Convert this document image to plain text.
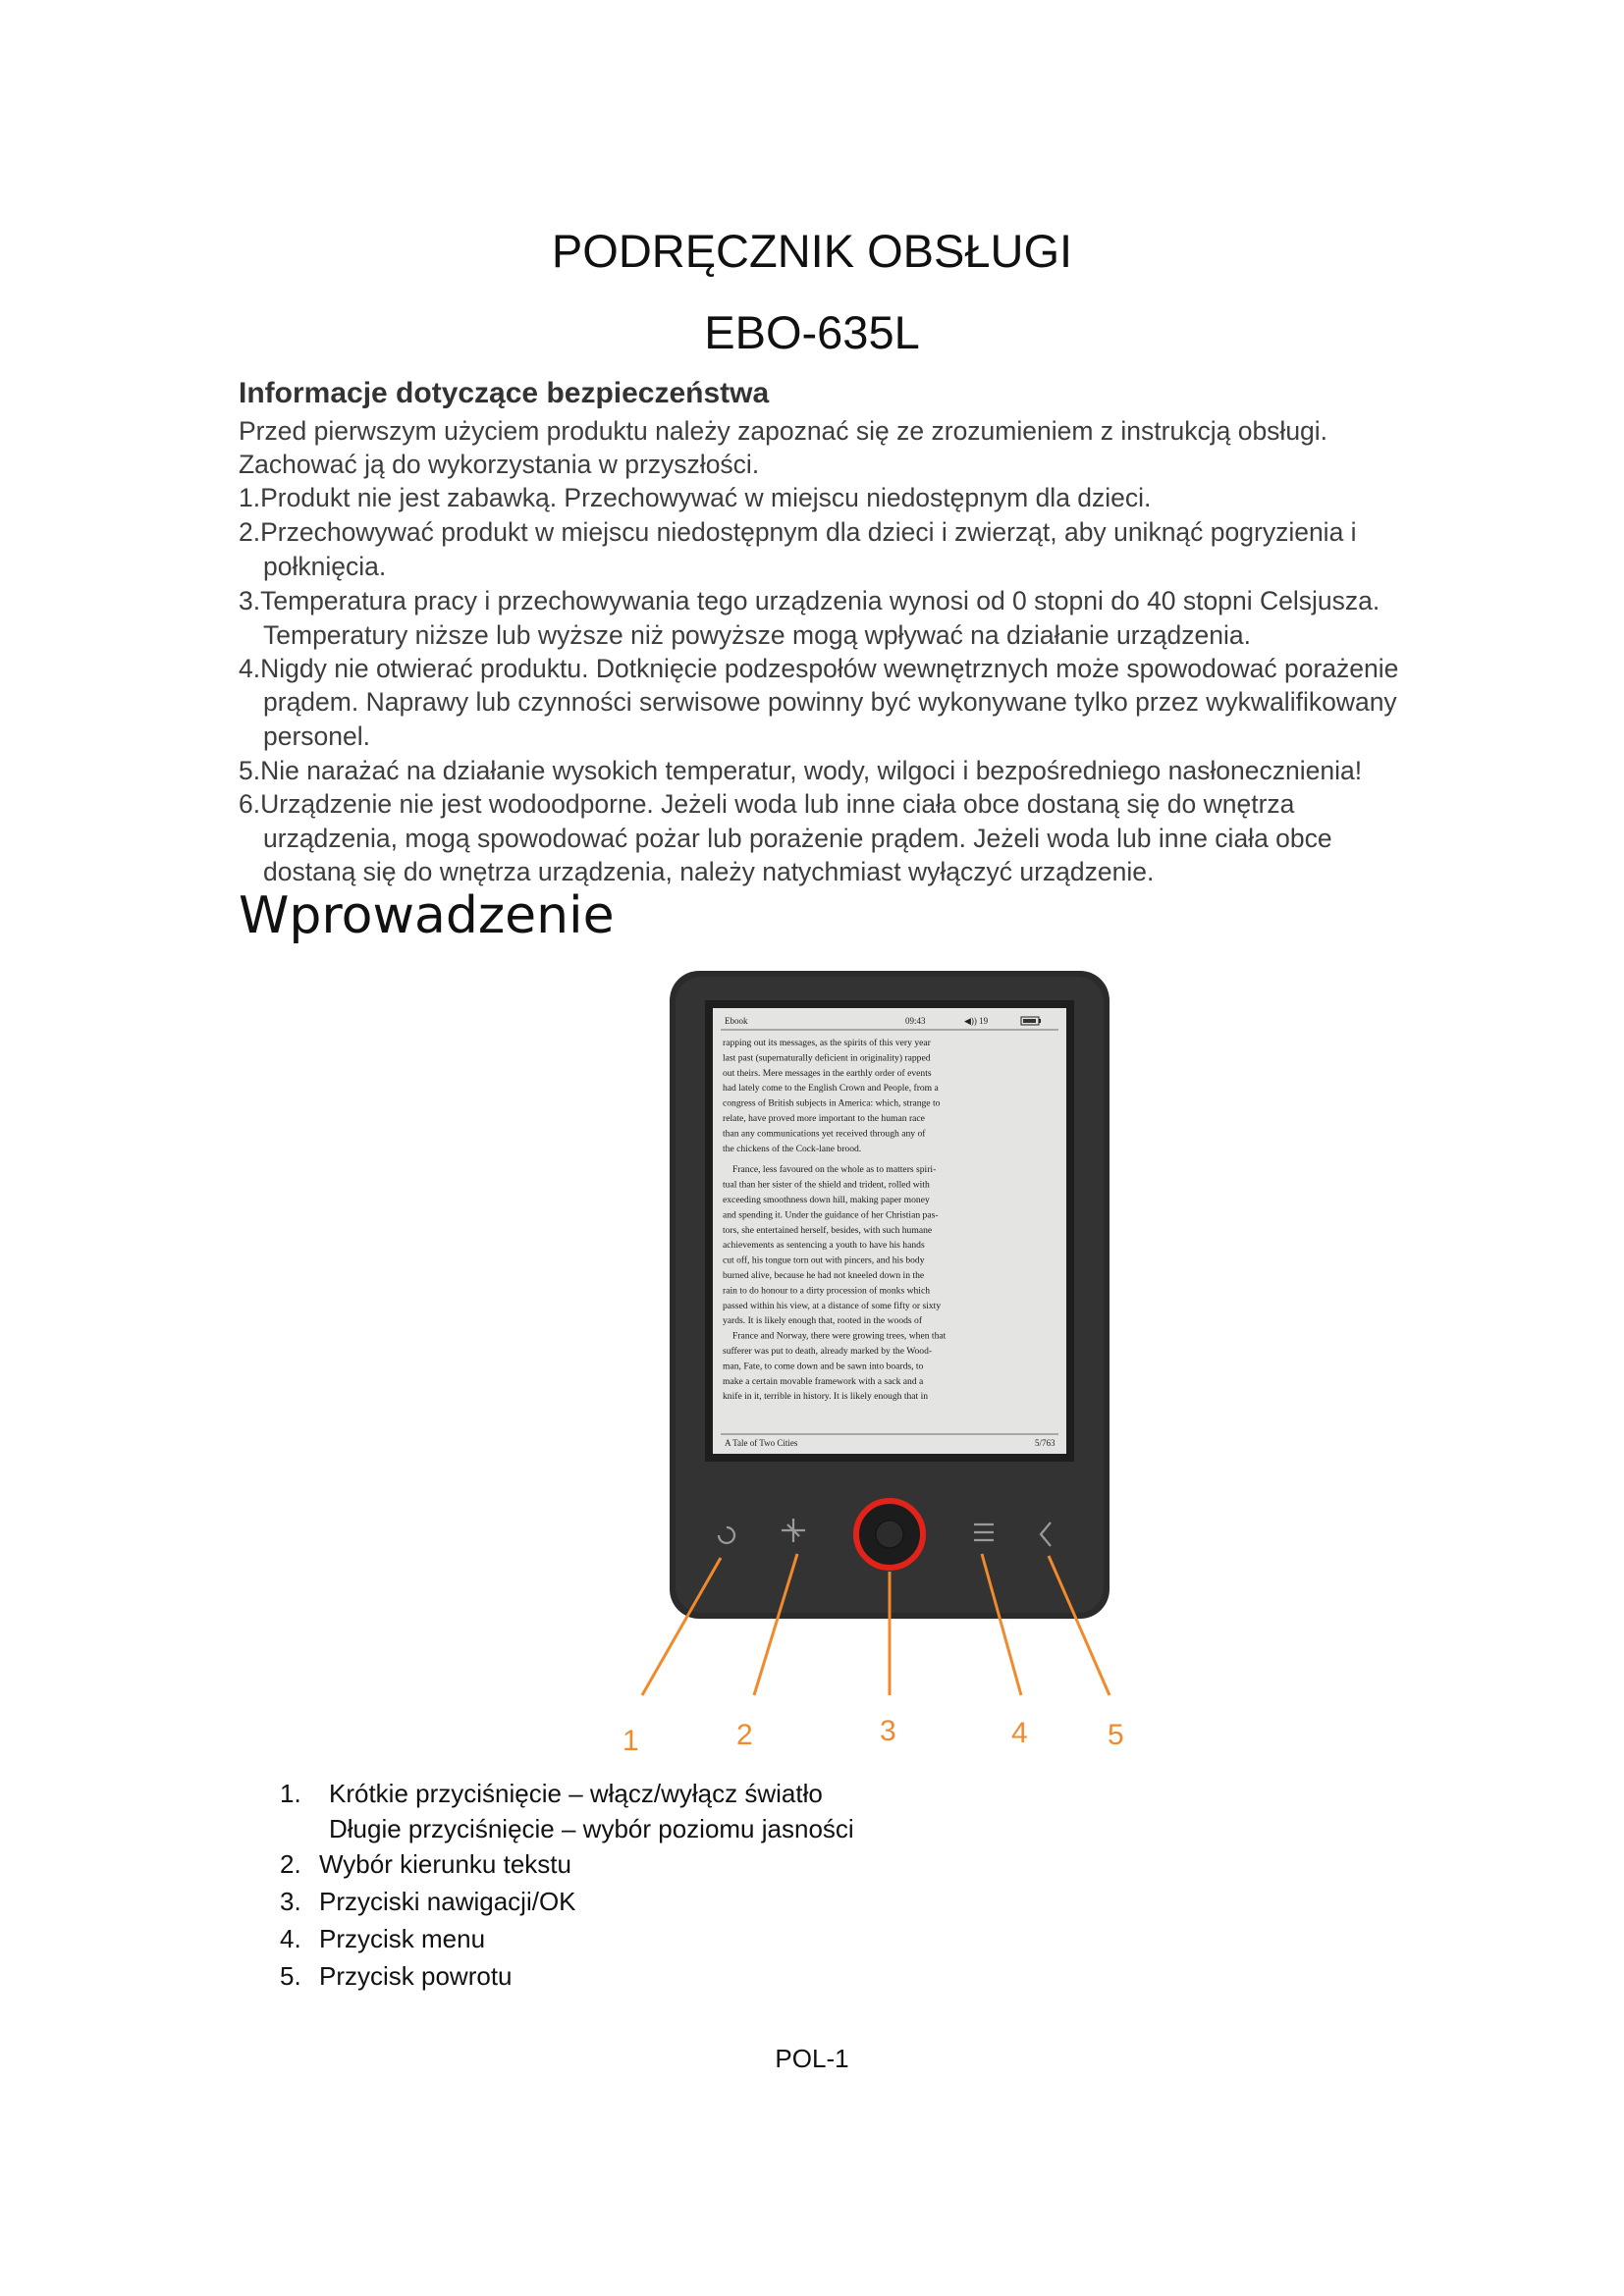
PODRĘCZNIK OBSŁUGI
EBO-635L
Informacje dotyczące bezpieczeństwa
Przed pierwszym użyciem produktu należy zapoznać się ze zrozumieniem z instrukcją obsługi.
Zachować ją do wykorzystania w przyszłości.
1.Produkt nie jest zabawką. Przechowywać w miejscu niedostępnym dla dzieci.
2.Przechowywać produkt w miejscu niedostępnym dla dzieci i zwierząt, aby uniknąć pogryzienia i
połknięcia.
3.Temperatura pracy i przechowywania tego urządzenia wynosi od 0 stopni do 40 stopni Celsjusza.
Temperatury niższe lub wyższe niż powyższe mogą wpływać na działanie urządzenia.
4.Nigdy nie otwierać produktu. Dotknięcie podzespołów wewnętrznych może spowodować porażenie
prądem. Naprawy lub czynności serwisowe powinny być wykonywane tylko przez wykwalifikowany
personel.
5.Nie narażać na działanie wysokich temperatur, wody, wilgoci i bezpośredniego nasłonecznienia!
6.Urządzenie nie jest wodoodporne. Jeżeli woda lub inne ciała obce dostaną się do wnętrza
urządzenia, mogą spowodować pożar lub porażenie prądem. Jeżeli woda lub inne ciała obce
dostaną się do wnętrza urządzenia, należy natychmiast wyłączyć urządzenie.
Wprowadzenie
Ebook	09:43	◀)) 19
rapping out its messages, as the spirits of this very year
last past (supernaturally deficient in originality) rapped
out theirs. Mere messages in the earthly order of events
had lately come to the English Crown and People, from a
congress of British subjects in America: which, strange to
relate, have proved more important to the human race
than any communications yet received through any of
the chickens of the Cock-lane brood.
France, less favoured on the whole as to matters spiri-
tual than her sister of the shield and trident, rolled with
exceeding smoothness down hill, making paper money
and spending it. Under the guidance of her Christian pas-
tors, she entertained herself, besides, with such humane
achievements as sentencing a youth to have his hands
cut off, his tongue torn out with pincers, and his body
burned alive, because he had not kneeled down in the
rain to do honour to a dirty procession of monks which
passed within his view, at a distance of some fifty or sixty
yards. It is likely enough that, rooted in the woods of
France and Norway, there were growing trees, when that
sufferer was put to death, already marked by the Wood-
man, Fate, to come down and be sawn into boards, to
make a certain movable framework with a sack and a
knife in it, terrible in history. It is likely enough that in
A Tale of Two Cities	5/763
1	2	3	4	5
1. Krótkie przyciśnięcie – włącz/wyłącz światło
Długie przyciśnięcie – wybór poziomu jasności
2. Wybór kierunku tekstu
3. Przyciski nawigacji/OK
4. Przycisk menu
5. Przycisk powrotu
POL-1
